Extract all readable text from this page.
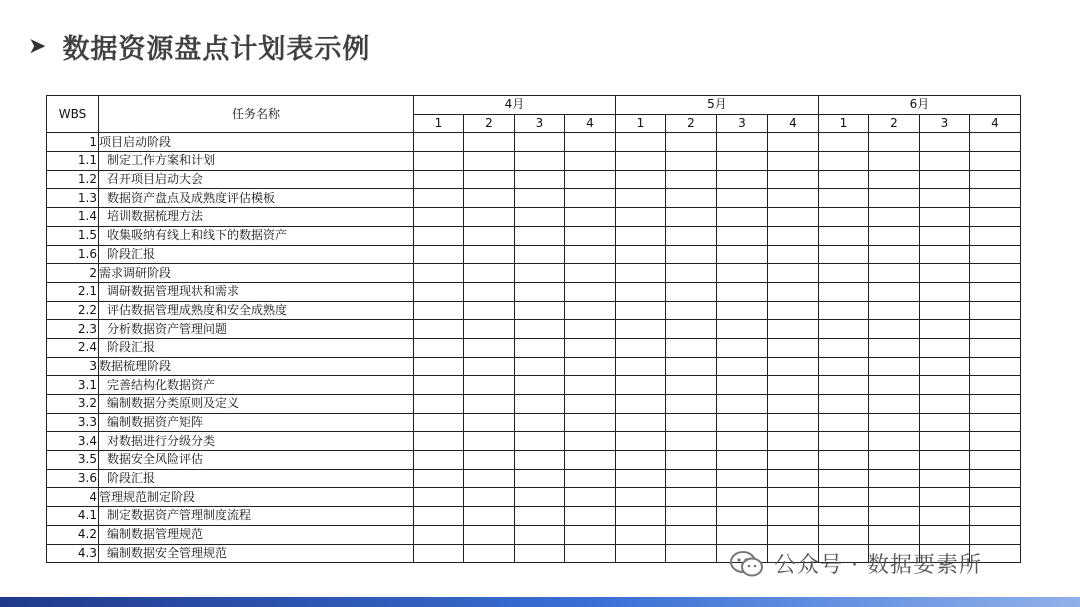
➤ 数据资源盘点计划表示例
WBS	任务名称	4月				5月				6月			
		1	2	3	4	1	2	3	4	1	2	3	4
1	项目启动阶段												
1.1	制定工作方案和计划												
1.2	召开项目启动大会												
1.3	数据资产盘点及成熟度评估模板												
1.4	培训数据梳理方法												
1.5	收集吸纳有线上和线下的数据资产												
1.6	阶段汇报												
2	需求调研阶段												
2.1	调研数据管理现状和需求												
2.2	评估数据管理成熟度和安全成熟度												
2.3	分析数据资产管理问题												
2.4	阶段汇报												
3	数据梳理阶段												
3.1	完善结构化数据资产												
3.2	编制数据分类原则及定义												
3.3	编制数据资产矩阵												
3.4	对数据进行分级分类												
3.5	数据安全风险评估												
3.6	阶段汇报												
4	管理规范制定阶段												
4.1	制定数据资产管理制度流程												
4.2	编制数据管理规范												
4.3	编制数据安全管理规范												
公众号 · 数据要素所
